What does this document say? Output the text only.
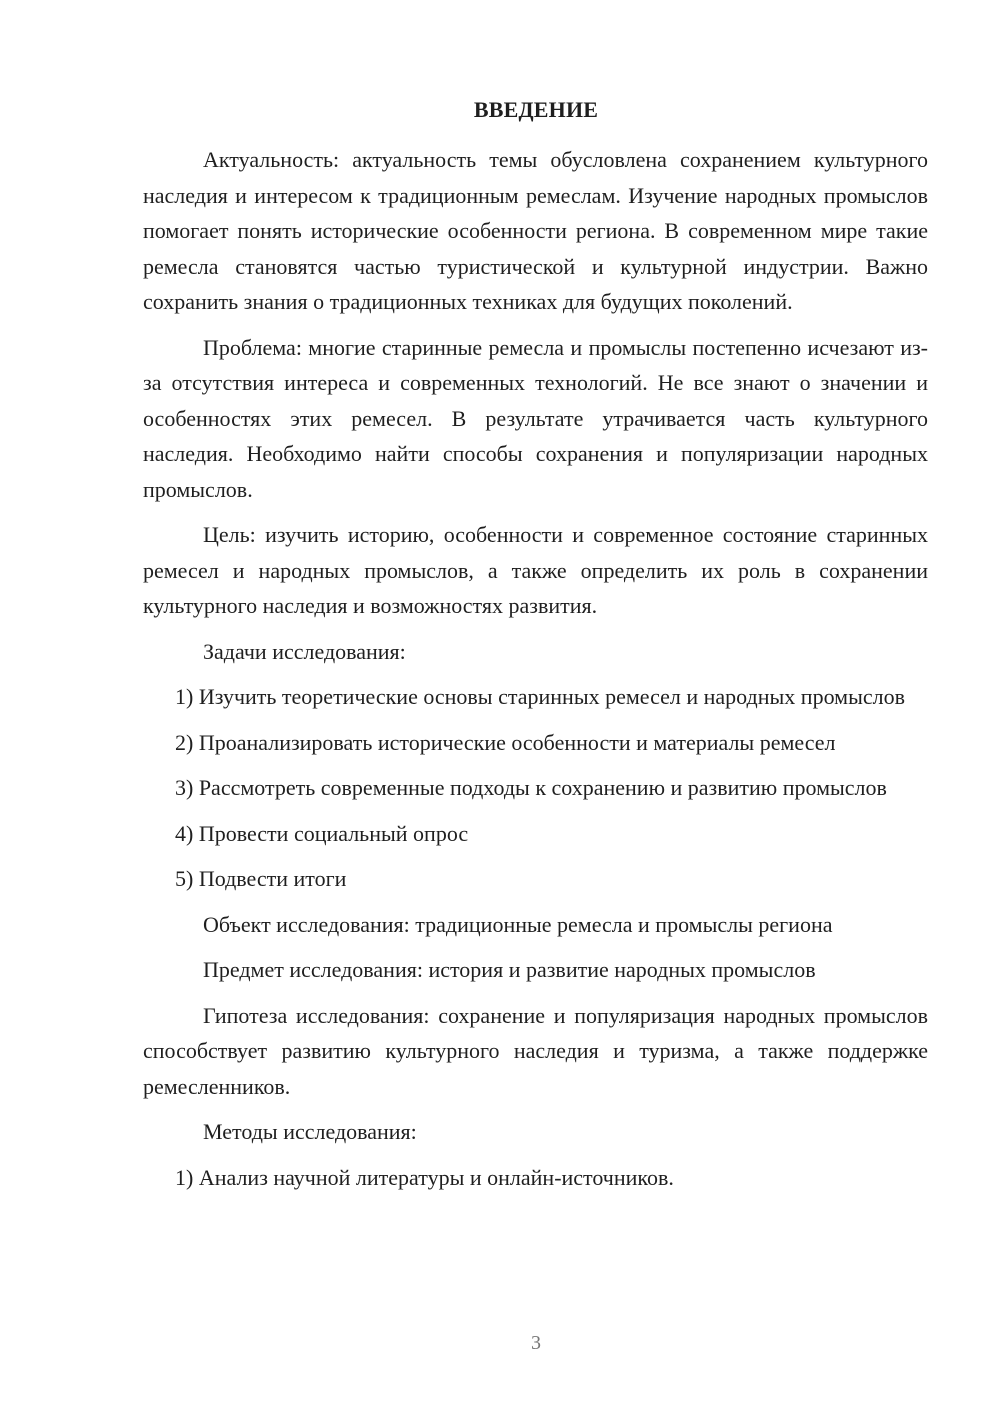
ВВЕДЕНИЕ

Актуальность: актуальность темы обусловлена сохранением культурного наследия и интересом к традиционным ремеслам. Изучение народных промыслов помогает понять исторические особенности региона. В современном мире такие ремесла становятся частью туристической и культурной индустрии. Важно сохранить знания о традиционных техниках для будущих поколений.

Проблема: многие старинные ремесла и промыслы постепенно исчезают из-за отсутствия интереса и современных технологий. Не все знают о значении и особенностях этих ремесел. В результате утрачивается часть культурного наследия. Необходимо найти способы сохранения и популяризации народных промыслов.

Цель: изучить историю, особенности и современное состояние старинных ремесел и народных промыслов, а также определить их роль в сохранении культурного наследия и возможностях развития.

Задачи исследования:

1) Изучить теоретические основы старинных ремесел и народных промыслов

2) Проанализировать исторические особенности и материалы ремесел

3) Рассмотреть современные подходы к сохранению и развитию промыслов

4) Провести социальный опрос

5) Подвести итоги

Объект исследования: традиционные ремесла и промыслы региона

Предмет исследования: история и развитие народных промыслов

Гипотеза исследования: сохранение и популяризация народных промыслов способствует развитию культурного наследия и туризма, а также поддержке ремесленников.

Методы исследования:

1) Анализ научной литературы и онлайн-источников.

3
